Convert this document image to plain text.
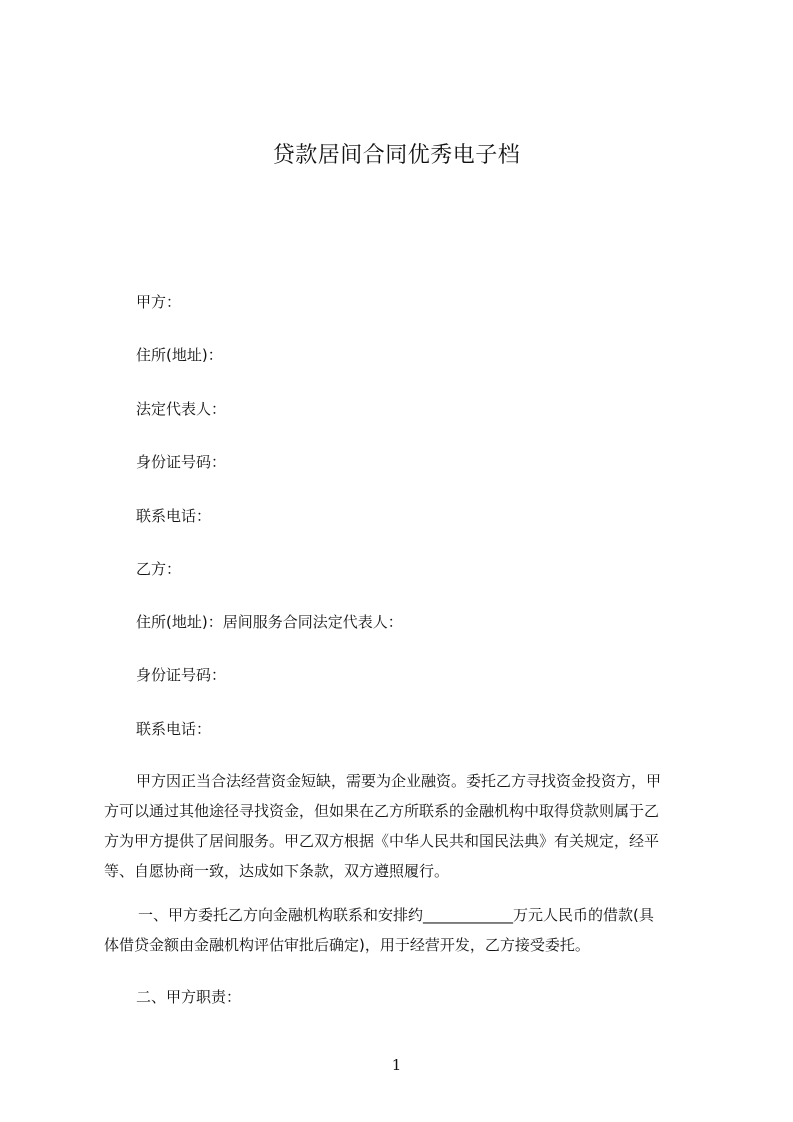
贷款居间合同优秀电子档
甲方：
住所(地址)：
法定代表人：
身份证号码：
联系电话：
乙方：
住所(地址)：居间服务合同法定代表人：
身份证号码：
联系电话：
甲方因正当合法经营资金短缺，需要为企业融资。委托乙方寻找资金投资方，甲
方可以通过其他途径寻找资金，但如果在乙方所联系的金融机构中取得贷款则属于乙
方为甲方提供了居间服务。甲乙双方根据《中华人民共和国民法典》有关规定，经平
等、自愿协商一致，达成如下条款，双方遵照履行。
一、甲方委托乙方向金融机构联系和安排约____________万元人民币的借款(具
体借贷金额由金融机构评估审批后确定)，用于经营开发，乙方接受委托。
二、甲方职责：
1
